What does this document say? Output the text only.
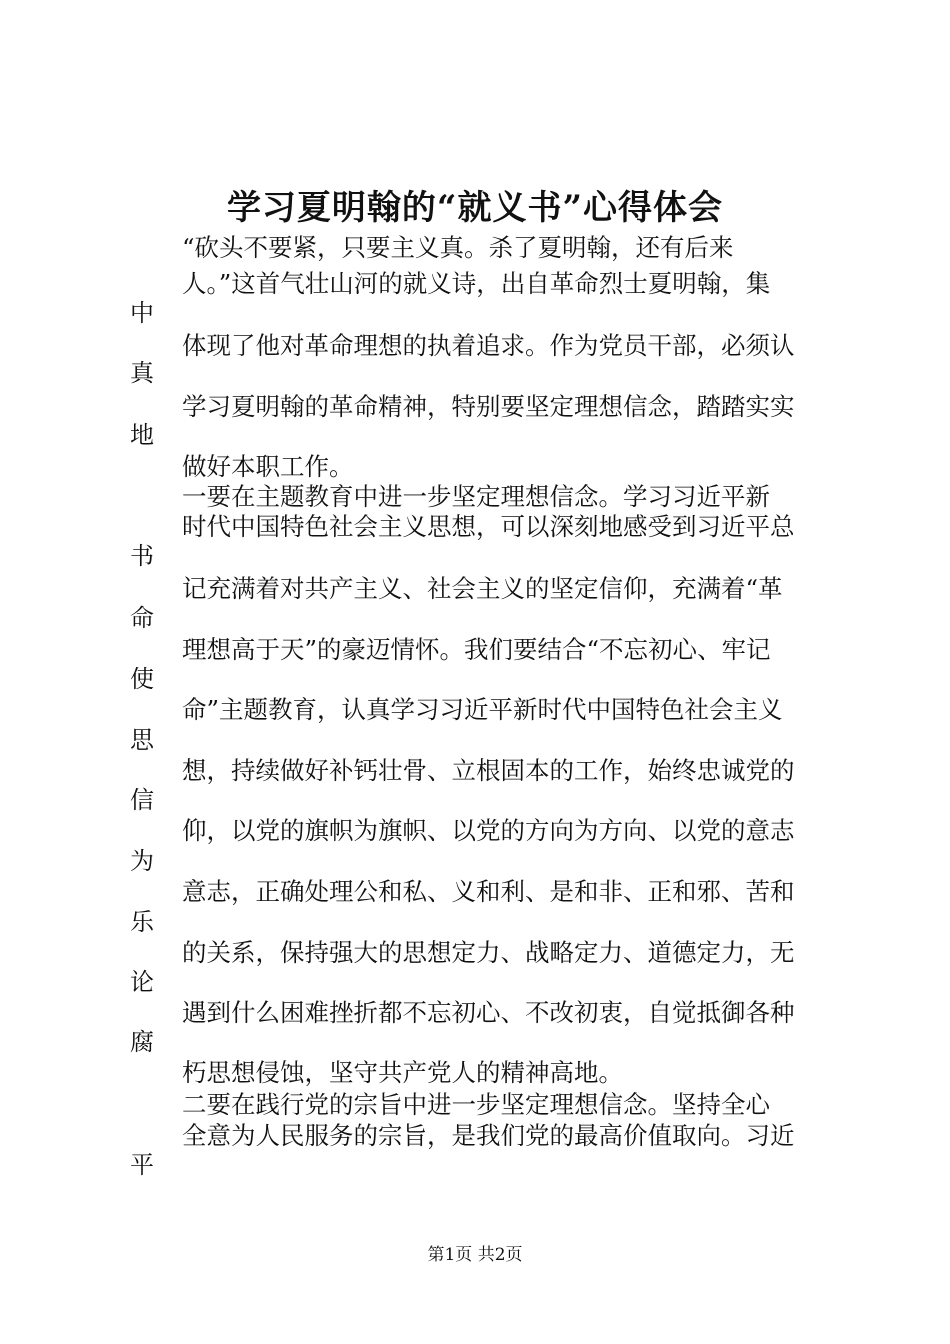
学习夏明翰的“就义书”心得体会
“砍头不要紧，只要主义真。杀了夏明翰，还有后来
人。”这首气壮山河的就义诗，出自革命烈士夏明翰，集
体现了他对革命理想的执着追求。作为党员干部，必须认
学习夏明翰的革命精神，特别要坚定理想信念，踏踏实实
做好本职工作。
一要在主题教育中进一步坚定理想信念。学习习近平新
时代中国特色社会主义思想，可以深刻地感受到习近平总
记充满着对共产主义、社会主义的坚定信仰，充满着“革
理想高于天”的豪迈情怀。我们要结合“不忘初心、牢记
命”主题教育，认真学习习近平新时代中国特色社会主义
想，持续做好补钙壮骨、立根固本的工作，始终忠诚党的
仰，以党的旗帜为旗帜、以党的方向为方向、以党的意志
意志，正确处理公和私、义和利、是和非、正和邪、苦和
的关系，保持强大的思想定力、战略定力、道德定力，无
遇到什么困难挫折都不忘初心、不改初衷，自觉抵御各种
朽思想侵蚀，坚守共产党人的精神高地。
二要在践行党的宗旨中进一步坚定理想信念。坚持全心
全意为人民服务的宗旨，是我们党的最高价值取向。习近
中
真
地
书
命
使
思
信
为
乐
论
腐
平
第1页 共2页
